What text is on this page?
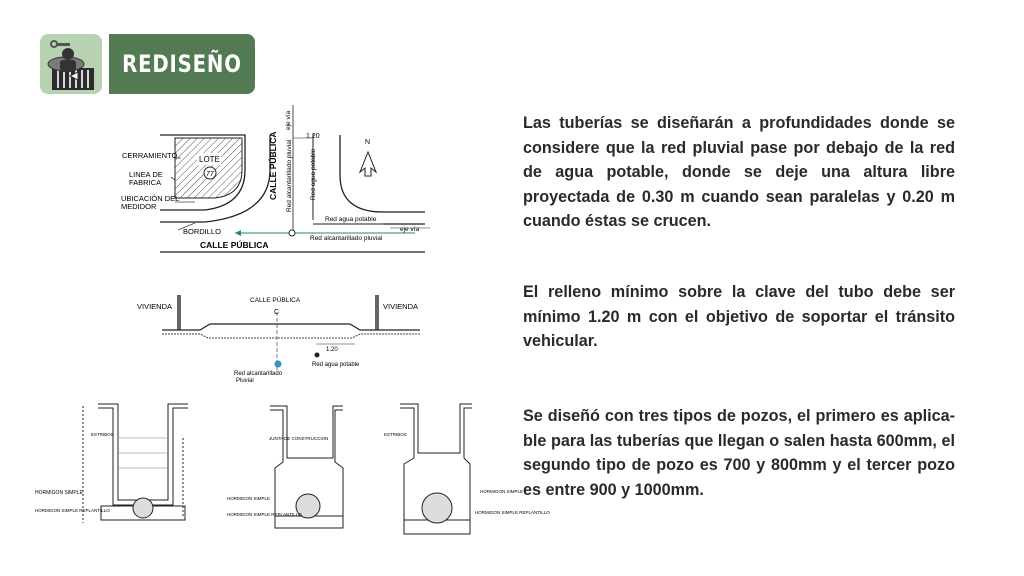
REDISEÑO
LOTE
77
CERRAMIENTO
LINEA DE
FABRICA
UBICACIÓN DEL
MEDIDOR
BORDILLO
CALLE PÚBLICA
CALLE PÚBLICA
eje vía
Red alcantarillado pluvial	Red agua potable
1.20
Red agua potable
Red alcantarillado pluvial
eje vía
N
VIVIENDA	VIVIENDA
CALLE PÚBLICA
C
1.20
Red alcantarillado
Pluvial
Red agua potable
HORMIGON SIMPLE
HORMIGON SIMPLE REPLANTILLO
ESTRIBOS
HORMIGON SIMPLE
HORMIGON SIMPLE REPLANTILLO
JUNTA DE CONSTRUCCION
HORMIGON SIMPLE
HORMIGON SIMPLE REPLANTILLO
ESTRIBOS

Las tuberías se diseñarán a profundidades donde se considere que la red pluvial pase por debajo de la red de agua potable, donde se deje una altura libre proyectada de 0.30 m cuando sean paralelas y 0.20 m cuando éstas se crucen.

El relleno mínimo sobre la clave del tubo debe ser mínimo 1.20 m con el objetivo de soportar el tránsito vehicular.

Se diseñó con tres tipos de pozos, el primero es aplica-ble para las tuberías que llegan o salen hasta 600mm, el segundo tipo de pozo es 700 y 800mm y el tercer pozo es entre 900 y 1000mm.
